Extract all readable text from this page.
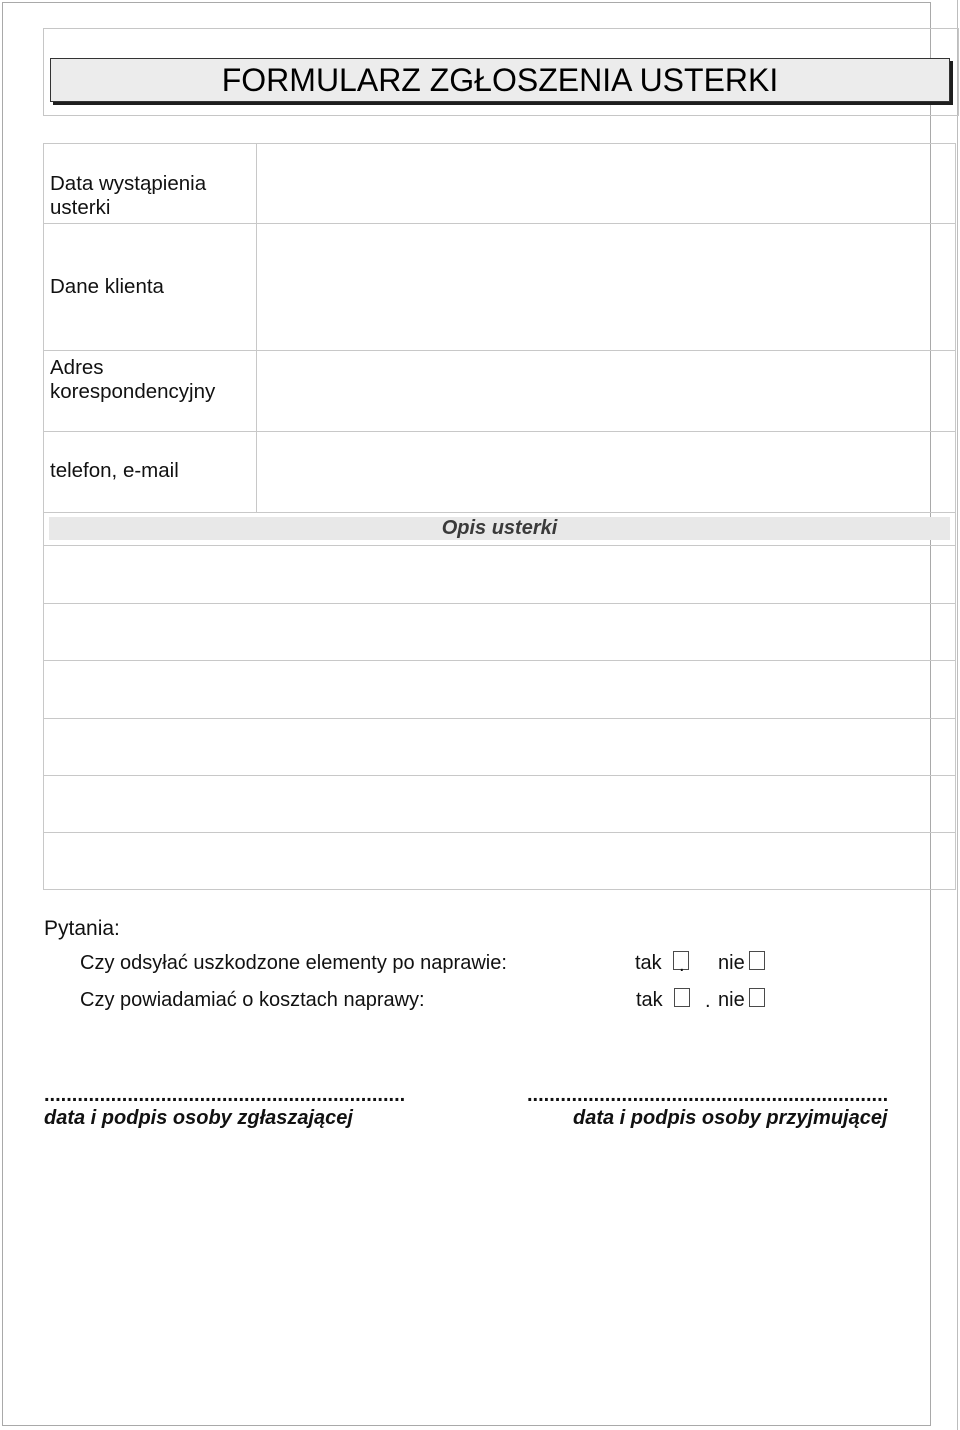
FORMULARZ ZGŁOSZENIA USTERKI
Data wystąpienia usterki
Dane klienta
Adres korespondencyjny
telefon, e-mail
Opis usterki
Pytania:
Czy odsyłać uszkodzone elementy po naprawie:	tak . nie
Czy powiadamiać o kosztach naprawy:	tak . nie
.................................................................
data i podpis osoby zgłaszającej
.................................................................
data i podpis osoby przyjmującej
